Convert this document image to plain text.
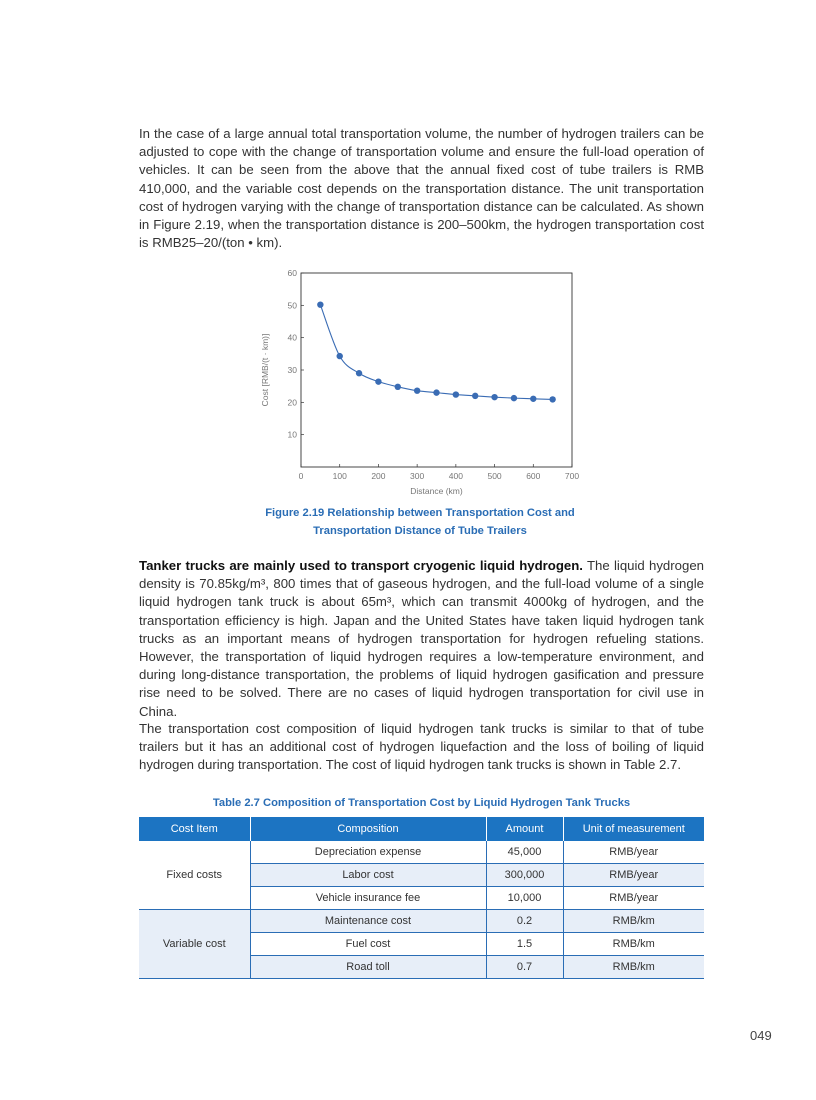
In the case of a large annual total transportation volume, the number of hydrogen trailers can be adjusted to cope with the change of transportation volume and ensure the full-load operation of vehicles. It can be seen from the above that the annual fixed cost of tube trailers is RMB 410,000, and the variable cost depends on the transportation distance. The unit transportation cost of hydrogen varying with the change of transportation distance can be calculated. As shown in Figure 2.19, when the transportation distance is 200–500km, the hydrogen transportation cost is RMB25–20/(ton • km).
0	100	200	300	400	500	600	700
10
20
30
40
50
60
Distance (km)
Cost [RMB/(t · km)]
Figure 2.19 Relationship between Transportation Cost and
Transportation Distance of Tube Trailers
Tanker trucks are mainly used to transport cryogenic liquid hydrogen. The liquid hydrogen density is 70.85kg/m³, 800 times that of gaseous hydrogen, and the full-load volume of a single liquid hydrogen tank truck is about 65m³, which can transmit 4000kg of hydrogen, and the transportation efficiency is high. Japan and the United States have taken liquid hydrogen tank trucks as an important means of hydrogen transportation for hydrogen refueling stations. However, the transportation of liquid hydrogen requires a low-temperature environment, and during long-distance transportation, the problems of liquid hydrogen gasification and pressure rise need to be solved. There are no cases of liquid hydrogen transportation for civil use in China.
The transportation cost composition of liquid hydrogen tank trucks is similar to that of tube trailers but it has an additional cost of hydrogen liquefaction and the loss of boiling of liquid hydrogen during transportation. The cost of liquid hydrogen tank trucks is shown in Table 2.7.
Table 2.7 Composition of Transportation Cost by Liquid Hydrogen Tank Trucks
Cost Item	Composition	Amount	Unit of measurement
Fixed costs	Depreciation expense	45,000	RMB/year
	Labor cost	300,000	RMB/year
	Vehicle insurance fee	10,000	RMB/year
Variable cost	Maintenance cost	0.2	RMB/km
	Fuel cost	1.5	RMB/km
	Road toll	0.7	RMB/km
049
